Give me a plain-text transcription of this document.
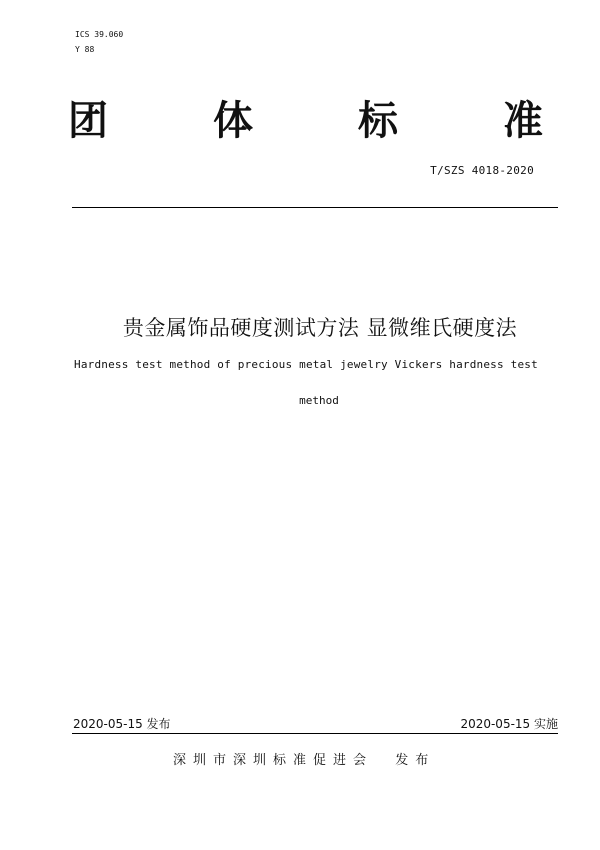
ICS 39.060
Y 88
团	体	标	准
T/SZS 4018-2020
贵金属饰品硬度测试方法 显微维氏硬度法
Hardness test method of precious metal jewelry Vickers hardness test
method
2020-05-15 发布	2020-05-15 实施
深圳市深圳标准促进会  发布
